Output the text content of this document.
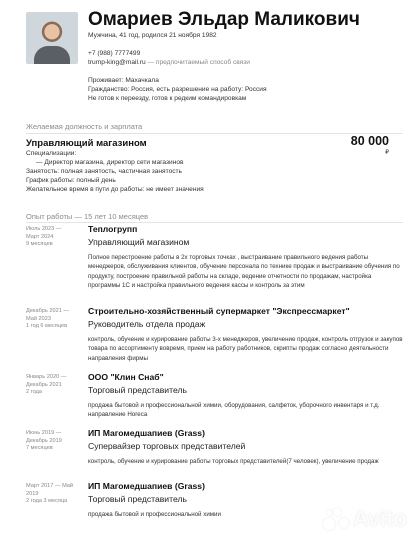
Омариев Эльдар Маликович
Мужчина, 41 год, родился 21 ноября 1982
+7 (988) 7777499
trump-king@mail.ru — предпочитаемый способ связи
Проживает: Махачкала
Гражданство: Россия, есть разрешение на работу: Россия
Не готов к переезду, готов к редким командировкам
Желаемая должность и зарплата
Управляющий магазином	80 000
₽
Специализации:
— Директор магазина, директор сети магазинов
Занятость: полная занятость, частичная занятость
График работы: полный день
Желательное время в пути до работы: не имеет значения
Опыт работы — 15 лет 10 месяцев
Июль 2023 —
Март 2024
9 месяцев
Теплогрупп
Управляющий магазином
Полное перестроение работы в 2х торговых точках , выстраивание правильного ведения работы менеджеров, обслуживания клиентов, обучение персонала по технике продаж и выстраивание обучения по продукту, построение правильной работы на складе, ведение отчетности по продажам, настройка программы 1С и настройка правильного ведения кассы и контроль за этим
Декабрь 2021 —
Май 2023
1 год 6 месяцев
Строительно-хозяйственный супермаркет "Экспрессмаркет"
Руководитель отдела продаж
контроль, обучение и курирование работы 3-х менеджеров, увеличение продаж, контроль отгрузок и закупов товара по ассортименту вовремя, прием на работу работников, скрипты продаж согласно деятельности направления фирмы
Январь 2020 —
Декабрь 2021
2 года
ООО "Клин Снаб"
Торговый представитель
продажа бытовой и профессиональной химии, оборудования, салфеток, уборочного инвентаря и т.д. направление Horeca
Июнь 2019 —
Декабрь 2019
7 месяцев
ИП Магомедшапиев (Grass)
Супервайзер торговых представителей
контроль, обучение и курирование работы торговых представителей(7 человек), увеличение продаж
Март 2017 — Май
2019
2 года 3 месяца
ИП Магомедшапиев (Grass)
Торговый представитель
продажа бытовой и профессиональной химии	Avito
